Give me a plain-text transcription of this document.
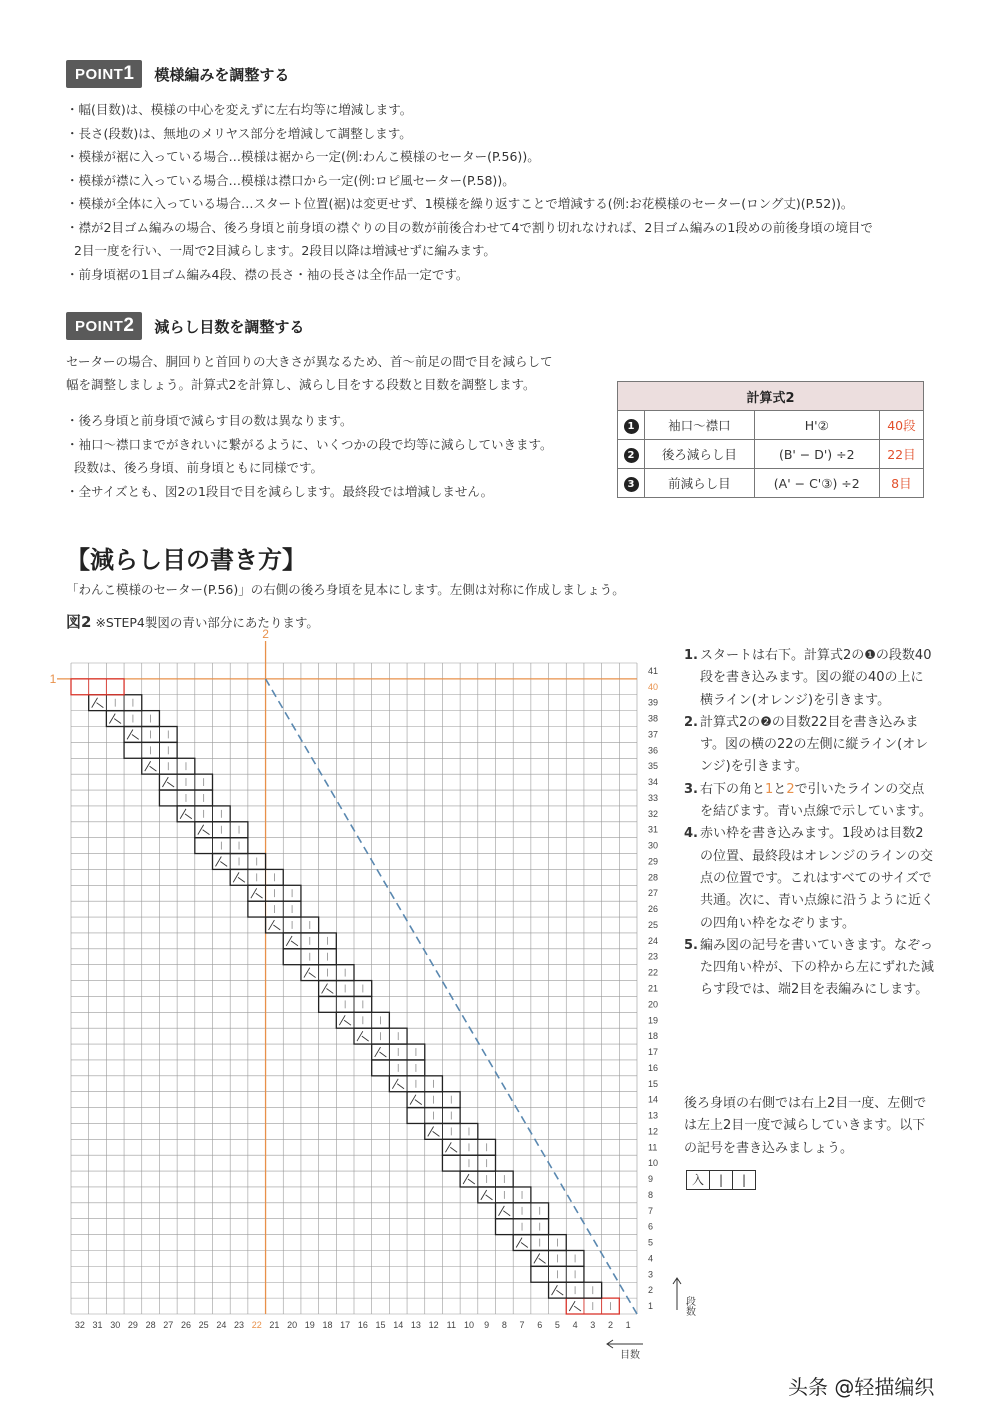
POINT1	模様編みを調整する
・幅(目数)は、模様の中心を変えずに左右均等に増減します。
・長さ(段数)は、無地のメリヤス部分を増減して調整します。
・模様が裾に入っている場合…模様は裾から一定(例:わんこ模様のセーター(P.56))。
・模様が襟に入っている場合…模様は襟口から一定(例:ロピ風セーター(P.58))。
・模様が全体に入っている場合…スタート位置(裾)は変更せず、1模様を繰り返すことで増減する(例:お花模様のセーター(ロング丈)(P.52))。
・襟が2目ゴム編みの場合、後ろ身頃と前身頃の襟ぐりの目の数が前後合わせて4で割り切れなければ、2目ゴム編みの1段めの前後身頃の境目で
2目一度を行い、一周で2目減らします。2段目以降は増減せずに編みます。
・前身頃裾の1目ゴム編み4段、襟の長さ・袖の長さは全作品一定です。
POINT2	減らし目数を調整する

セーターの場合、胴回りと首回りの大きさが異なるため、首〜前足の間で目を減らして

幅を調整しましょう。計算式2を計算し、減らし目をする段数と目数を調整します。

・後ろ身頃と前身頃で減らす目の数は異なります。
・袖口〜襟口までがきれいに繋がるように、いくつかの段で均等に減らしていきます。
段数は、後ろ身頃、前身頃ともに同様です。
・全サイズとも、図2の1段目で目を減らします。最終段では増減しません。
計算式2			
1	袖口〜襟口	H'②	40段
2	後ろ減らし目	(B' − D') ÷2	22目
3	前減らし目	(A' − C'③) ÷2	8目
【減らし目の書き方】

「わんこ模様のセーター(P.56)」の右側の後ろ身頃を見本にします。左側は対称に作成しましょう。

図2 ※STEP4製図の青い部分にあたります。
32 31 30 29 28 27 26 25 24 23 22 21 20 19 18 17 16 15 14 13 12 11 10 9 8 7 6 5 4 3 2 1
1
2
3
4
5
6
7
8
9
10
11
12
13
14
15
16
17
18
19
20
21
22
23
24
25
26
27
28
29
30
31
32
33
34
35
36
37
38
39
40
41
2
1
段数
目数
1. スタートは右下。計算式2の❶の段数40段を書き込みます。図の縦の40の上に横ライン(オレンジ)を引きます。
2. 計算式2の❷の目数22目を書き込みます。図の横の22の左側に縦ライン(オレンジ)を引きます。
3. 右下の角と1と2で引いたラインの交点を結びます。青い点線で示しています。
4. 赤い枠を書き込みます。1段めは目数2の位置、最終段はオレンジのラインの交点の位置です。これはすべてのサイズで共通。次に、青い点線に沿うように近くの四角い枠をなぞります。
5. 編み図の記号を書いていきます。なぞった四角い枠が、下の枠から左にずれた減らす段では、端2目を表編みにします。

後ろ身頃の右側では右上2目一度、左側では左上2目一度で減らしていきます。以下の記号を書き込みましょう。

入	|	|
头条 @轻描编织
